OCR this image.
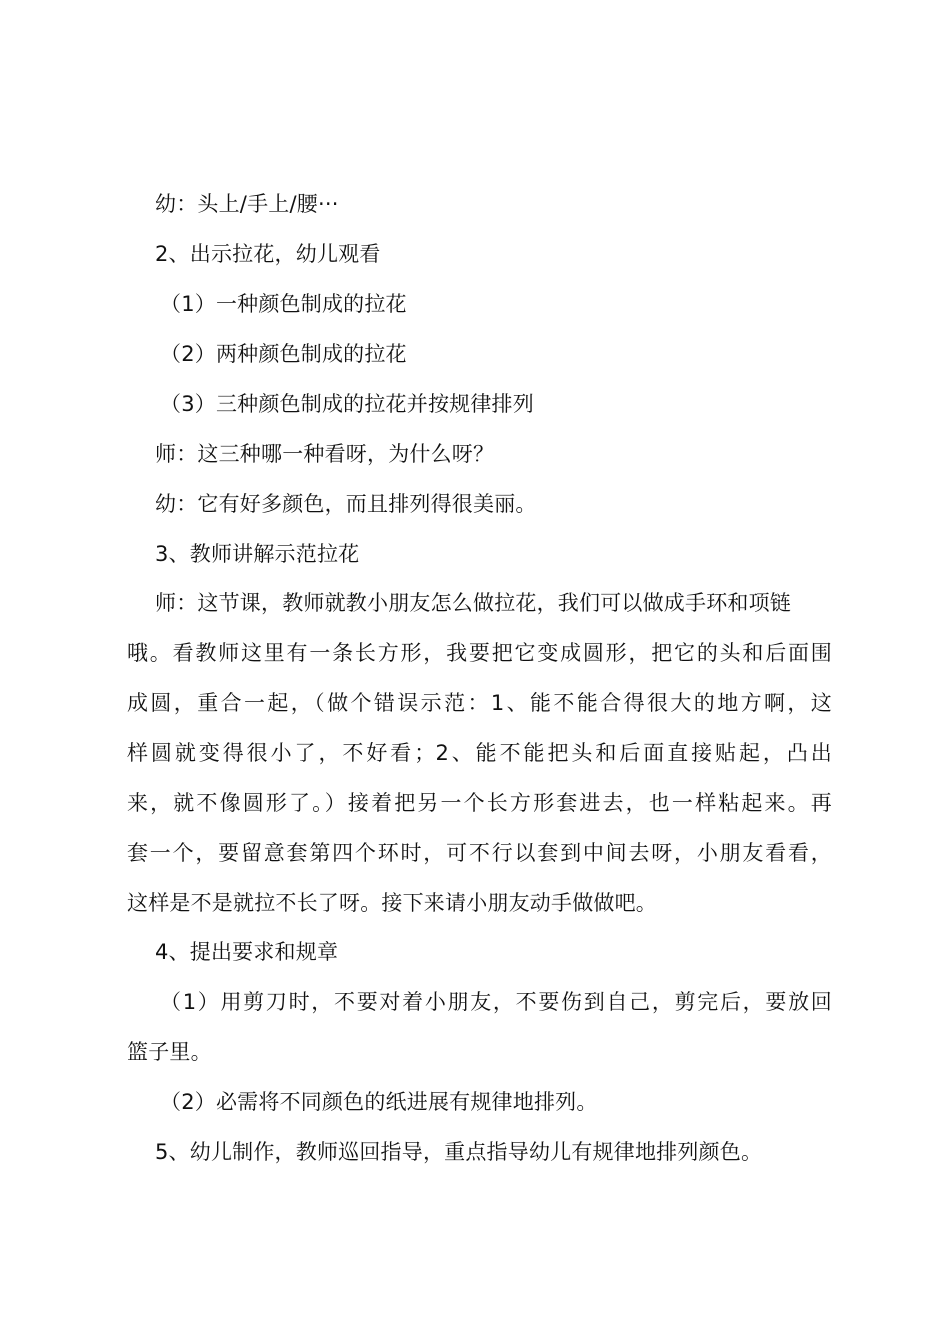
幼：头上/手上/腰···
2、出示拉花，幼儿观看
（1）一种颜色制成的拉花
（2）两种颜色制成的拉花
（3）三种颜色制成的拉花并按规律排列
师：这三种哪一种看呀，为什么呀？
幼：它有好多颜色，而且排列得很美丽。
3、教师讲解示范拉花
师：这节课，教师就教小朋友怎么做拉花，我们可以做成手环和项链
哦。看教师这里有一条长方形，我要把它变成圆形，把它的头和后面围
成圆，重合一起，（做个错误示范：1、能不能合得很大的地方啊，这
样圆就变得很小了，不好看；2、能不能把头和后面直接贴起，凸出
来，就不像圆形了。）接着把另一个长方形套进去，也一样粘起来。再
套一个，要留意套第四个环时，可不行以套到中间去呀，小朋友看看，
这样是不是就拉不长了呀。接下来请小朋友动手做做吧。
4、提出要求和规章
（1）用剪刀时，不要对着小朋友，不要伤到自己，剪完后，要放回
篮子里。
（2）必需将不同颜色的纸进展有规律地排列。
5、幼儿制作，教师巡回指导，重点指导幼儿有规律地排列颜色。
